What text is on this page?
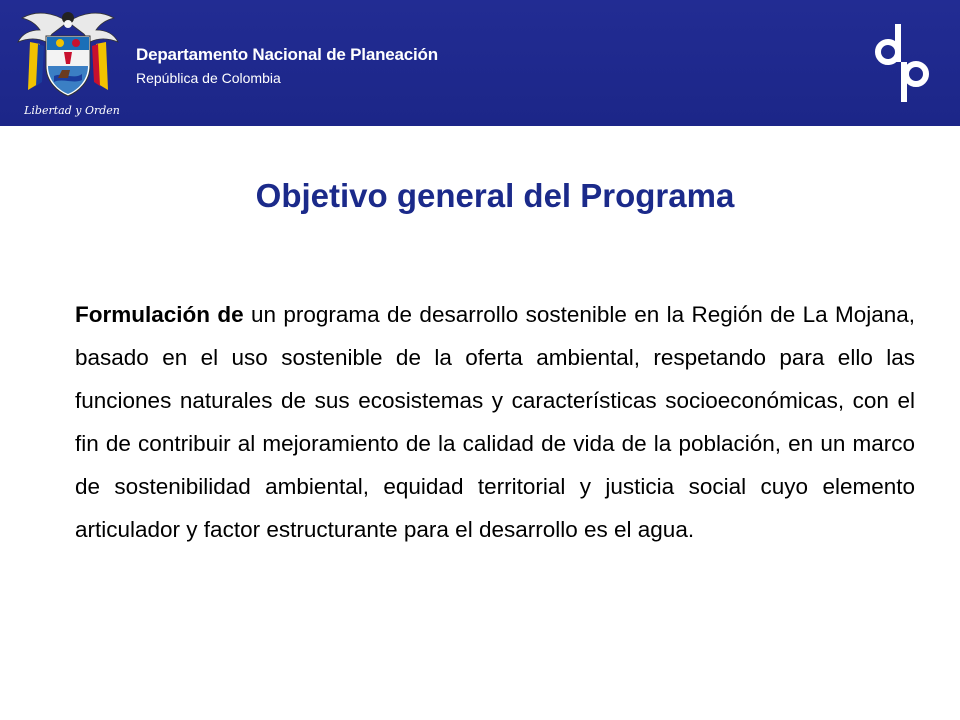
Libertad y Orden
Departamento Nacional de Planeación
República de Colombia
Objetivo general del Programa

Formulación de un programa de desarrollo sostenible en la Región de La Mojana, basado en el uso sostenible de la oferta ambiental, respetando para ello las funciones naturales de sus ecosistemas y características socioeconómicas, con el fin de contribuir al mejoramiento de la calidad de vida de la población, en un marco de sostenibilidad ambiental, equidad territorial y justicia social cuyo elemento articulador y factor estructurante para el desarrollo es el agua.
